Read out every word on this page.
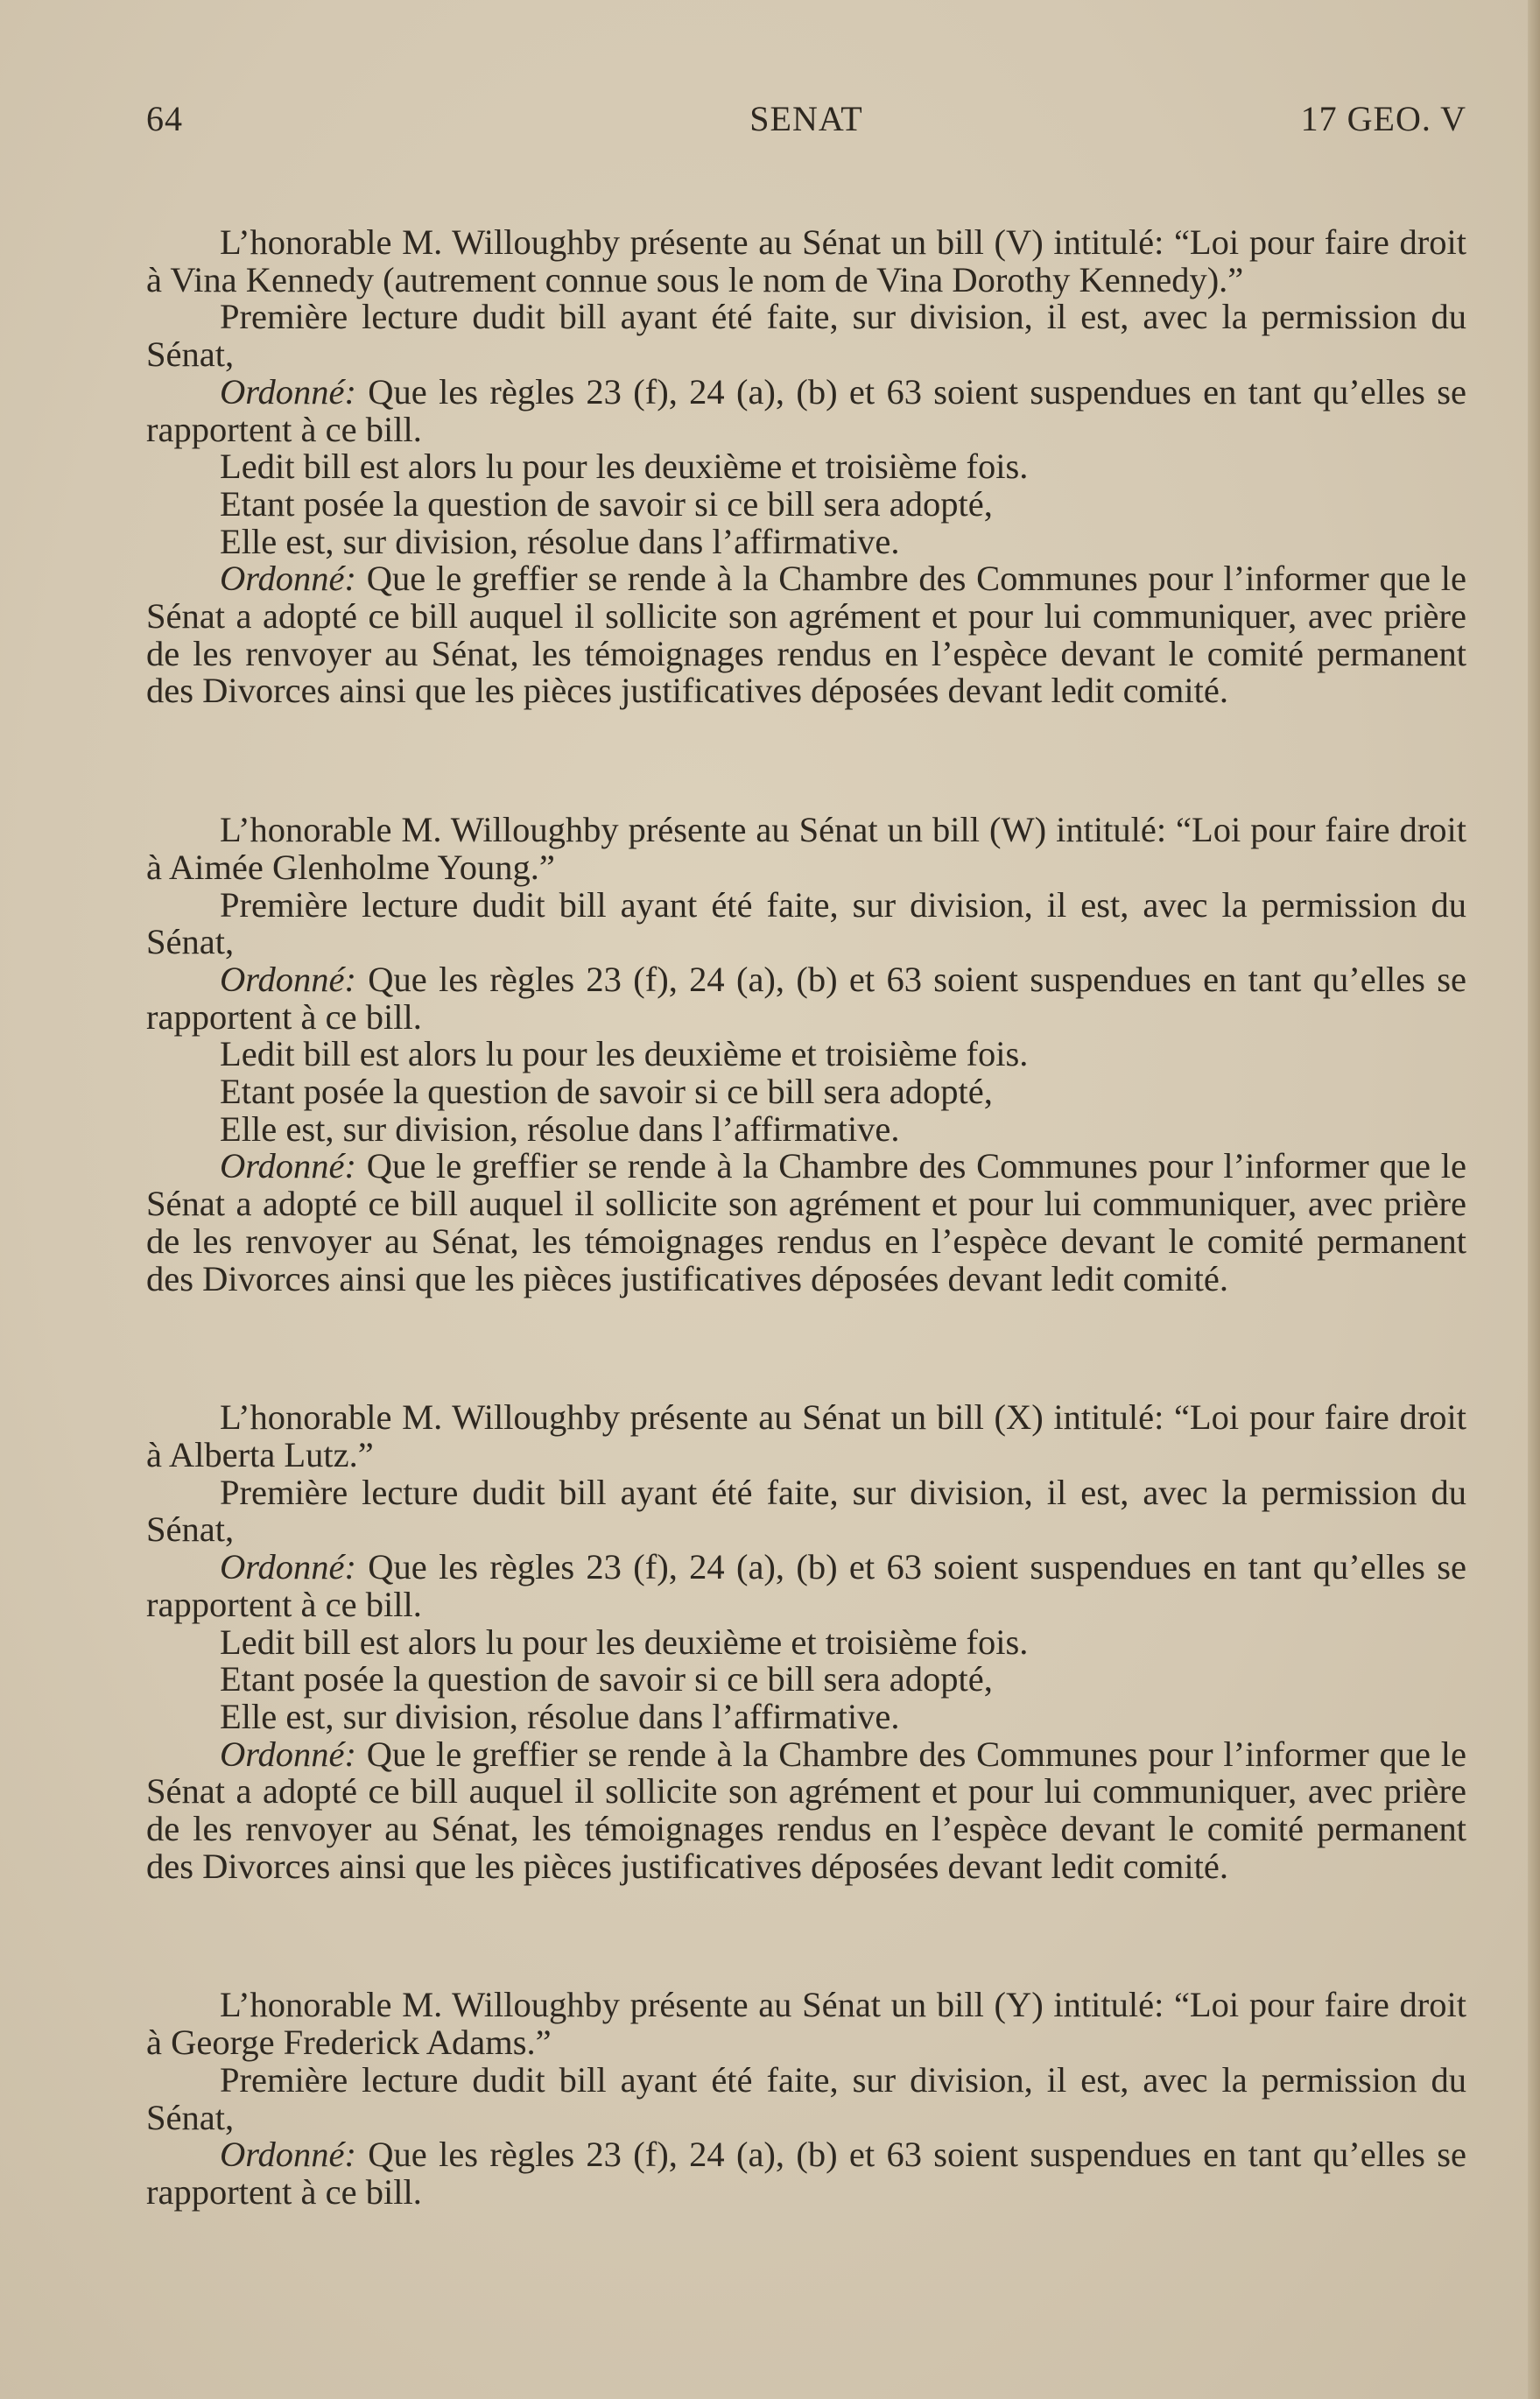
64	SENAT	17 GEO. V

L’honorable M. Willoughby présente au Sénat un bill (V) intitulé: “Loi pour faire droit à Vina Kennedy (autrement connue sous le nom de Vina Dorothy Kennedy).”

Première lecture dudit bill ayant été faite, sur division, il est, avec la permission du Sénat,

Ordonné: Que les règles 23 (f), 24 (a), (b) et 63 soient suspendues en tant qu’elles se rapportent à ce bill.

Ledit bill est alors lu pour les deuxième et troisième fois.

Etant posée la question de savoir si ce bill sera adopté,

Elle est, sur division, résolue dans l’affirmative.

Ordonné: Que le greffier se rende à la Chambre des Communes pour l’informer que le Sénat a adopté ce bill auquel il sollicite son agrément et pour lui communiquer, avec prière de les renvoyer au Sénat, les témoignages rendus en l’espèce devant le comité permanent des Divorces ainsi que les pièces justificatives déposées devant ledit comité.

L’honorable M. Willoughby présente au Sénat un bill (W) intitulé: “Loi pour faire droit à Aimée Glenholme Young.”

Première lecture dudit bill ayant été faite, sur division, il est, avec la permission du Sénat,

Ordonné: Que les règles 23 (f), 24 (a), (b) et 63 soient suspendues en tant qu’elles se rapportent à ce bill.

Ledit bill est alors lu pour les deuxième et troisième fois.

Etant posée la question de savoir si ce bill sera adopté,

Elle est, sur division, résolue dans l’affirmative.

Ordonné: Que le greffier se rende à la Chambre des Communes pour l’informer que le Sénat a adopté ce bill auquel il sollicite son agrément et pour lui communiquer, avec prière de les renvoyer au Sénat, les témoignages rendus en l’espèce devant le comité permanent des Divorces ainsi que les pièces justificatives déposées devant ledit comité.

L’honorable M. Willoughby présente au Sénat un bill (X) intitulé: “Loi pour faire droit à Alberta Lutz.”

Première lecture dudit bill ayant été faite, sur division, il est, avec la permission du Sénat,

Ordonné: Que les règles 23 (f), 24 (a), (b) et 63 soient suspendues en tant qu’elles se rapportent à ce bill.

Ledit bill est alors lu pour les deuxième et troisième fois.

Etant posée la question de savoir si ce bill sera adopté,

Elle est, sur division, résolue dans l’affirmative.

Ordonné: Que le greffier se rende à la Chambre des Communes pour l’informer que le Sénat a adopté ce bill auquel il sollicite son agrément et pour lui communiquer, avec prière de les renvoyer au Sénat, les témoignages rendus en l’espèce devant le comité permanent des Divorces ainsi que les pièces justificatives déposées devant ledit comité.

L’honorable M. Willoughby présente au Sénat un bill (Y) intitulé: “Loi pour faire droit à George Frederick Adams.”

Première lecture dudit bill ayant été faite, sur division, il est, avec la permission du Sénat,

Ordonné: Que les règles 23 (f), 24 (a), (b) et 63 soient suspendues en tant qu’elles se rapportent à ce bill.
